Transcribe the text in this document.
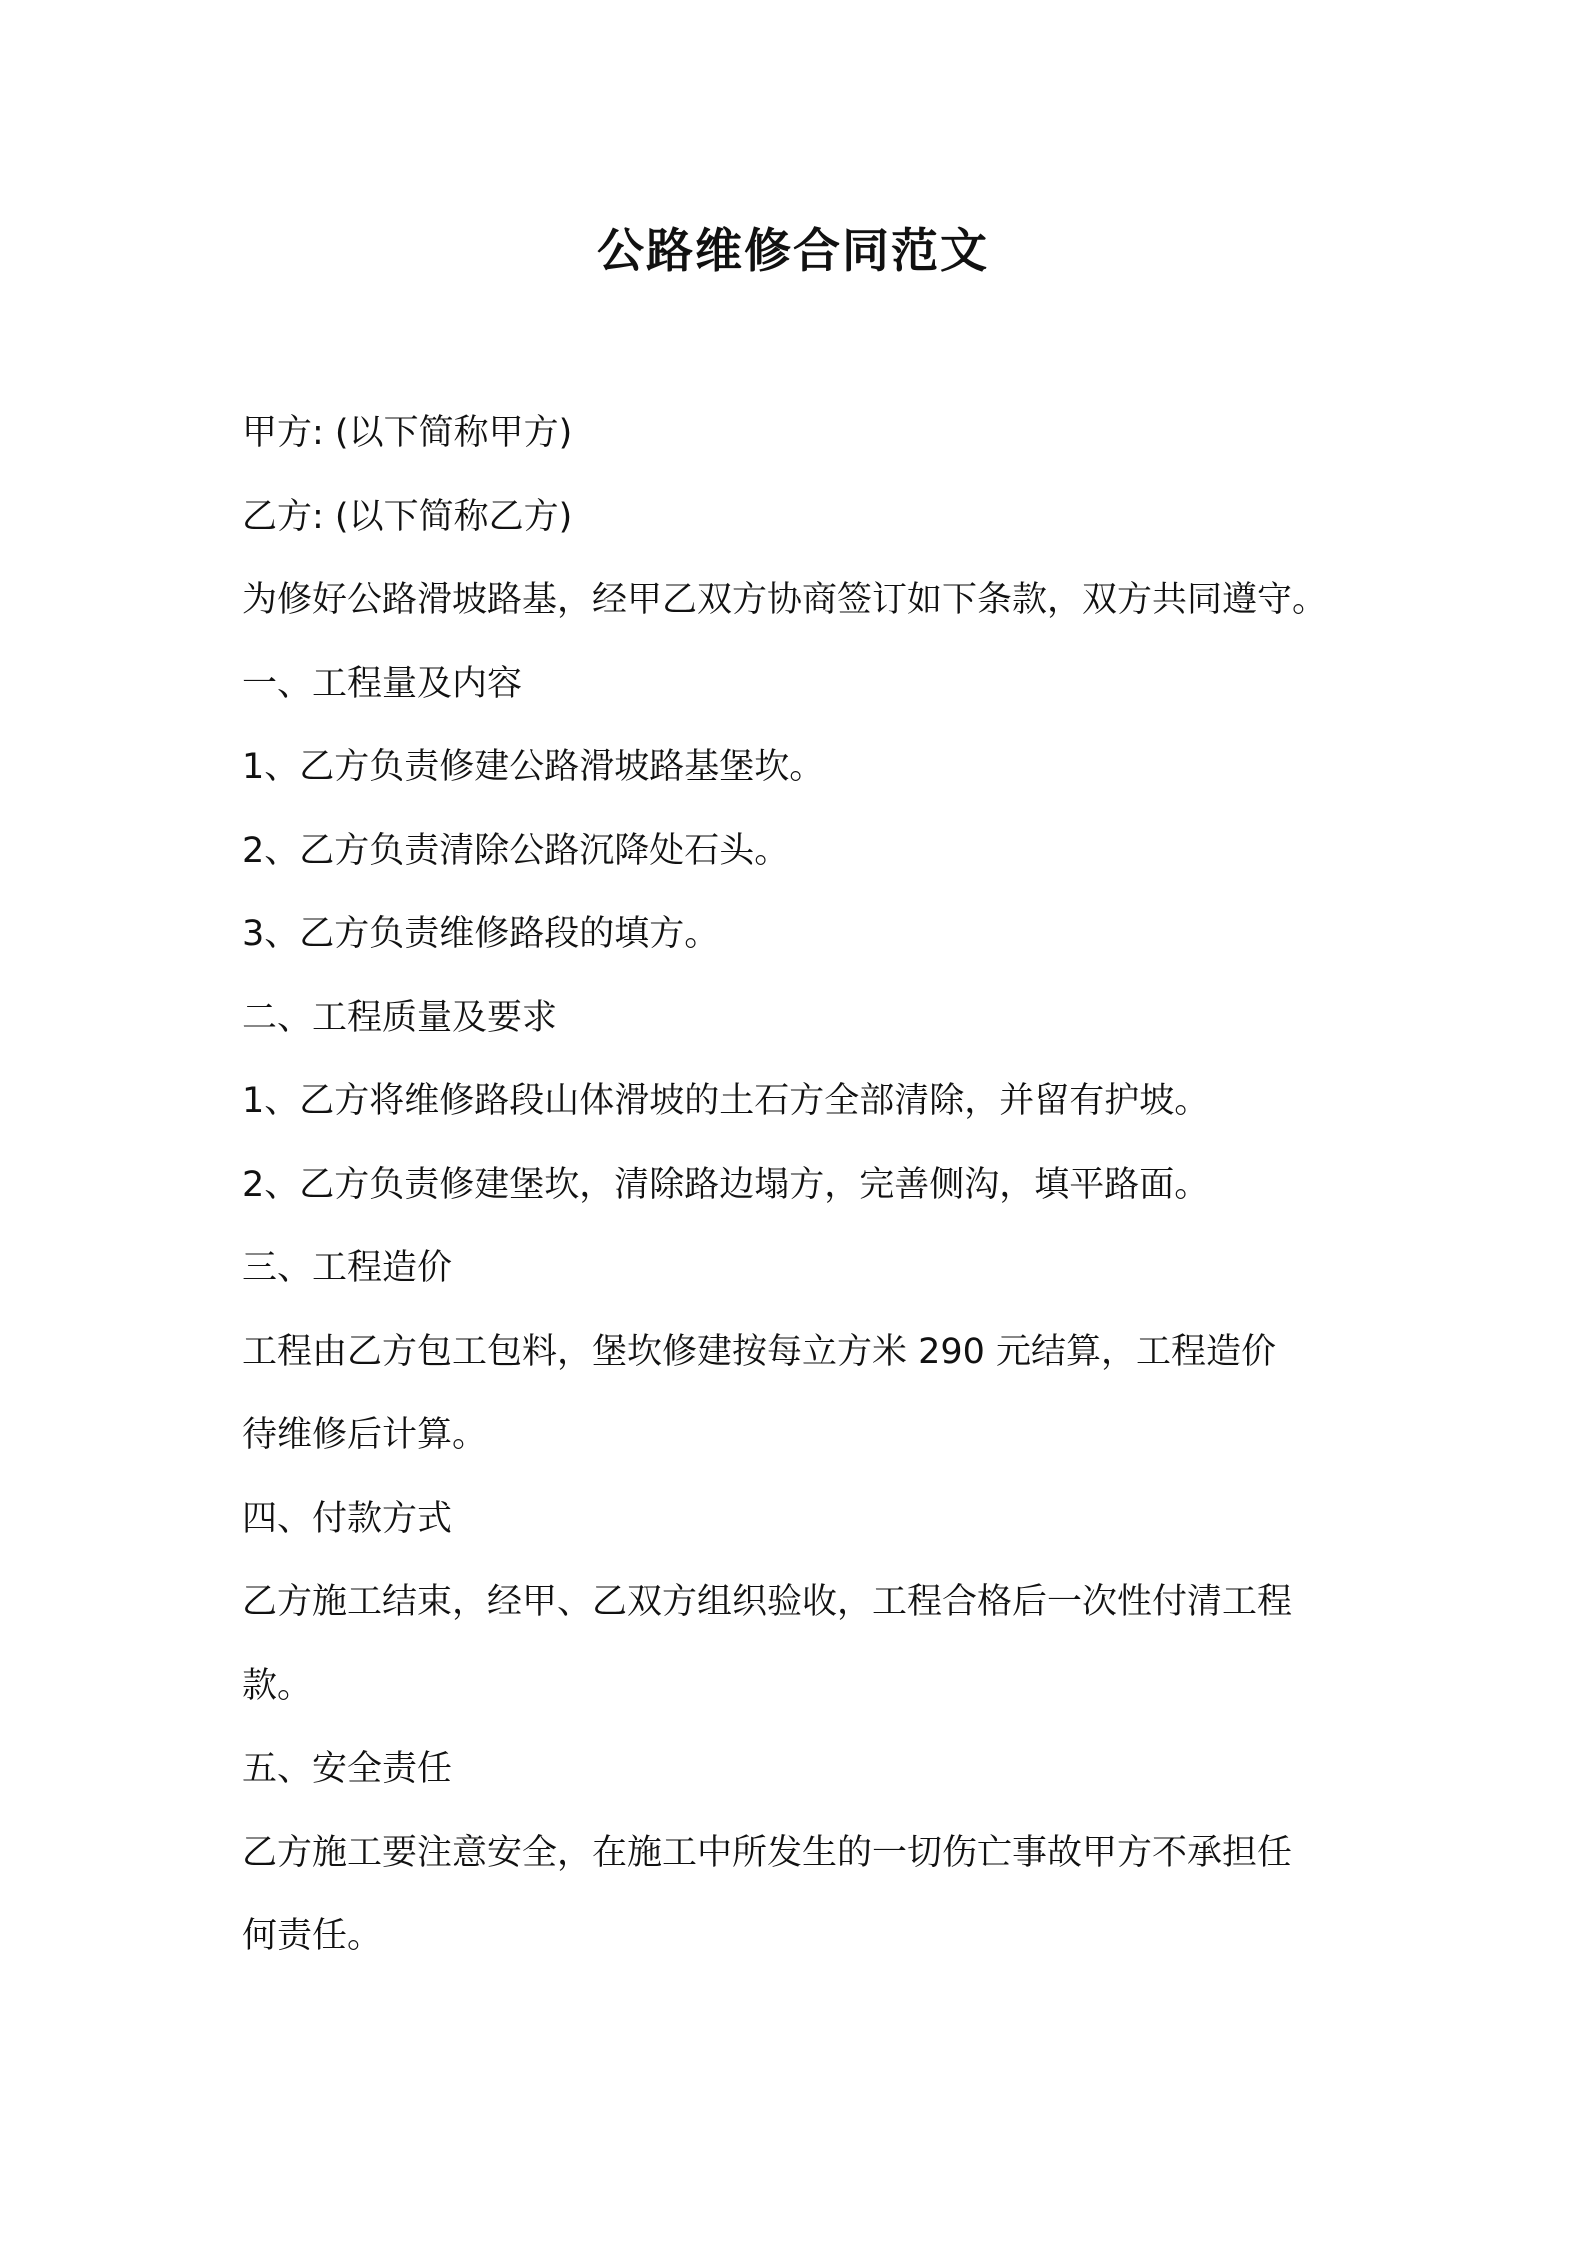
公路维修合同范文

甲方: (以下简称甲方)

乙方: (以下简称乙方)

为修好公路滑坡路基，经甲乙双方协商签订如下条款，双方共同遵守。

一、工程量及内容

1、乙方负责修建公路滑坡路基堡坎。

2、乙方负责清除公路沉降处石头。

3、乙方负责维修路段的填方。

二、工程质量及要求

1、乙方将维修路段山体滑坡的土石方全部清除，并留有护坡。

2、乙方负责修建堡坎，清除路边塌方，完善侧沟，填平路面。

三、工程造价

工程由乙方包工包料，堡坎修建按每立方米 290 元结算，工程造价

待维修后计算。

四、付款方式

乙方施工结束，经甲、乙双方组织验收，工程合格后一次性付清工程

款。

五、安全责任

乙方施工要注意安全，在施工中所发生的一切伤亡事故甲方不承担任

何责任。
